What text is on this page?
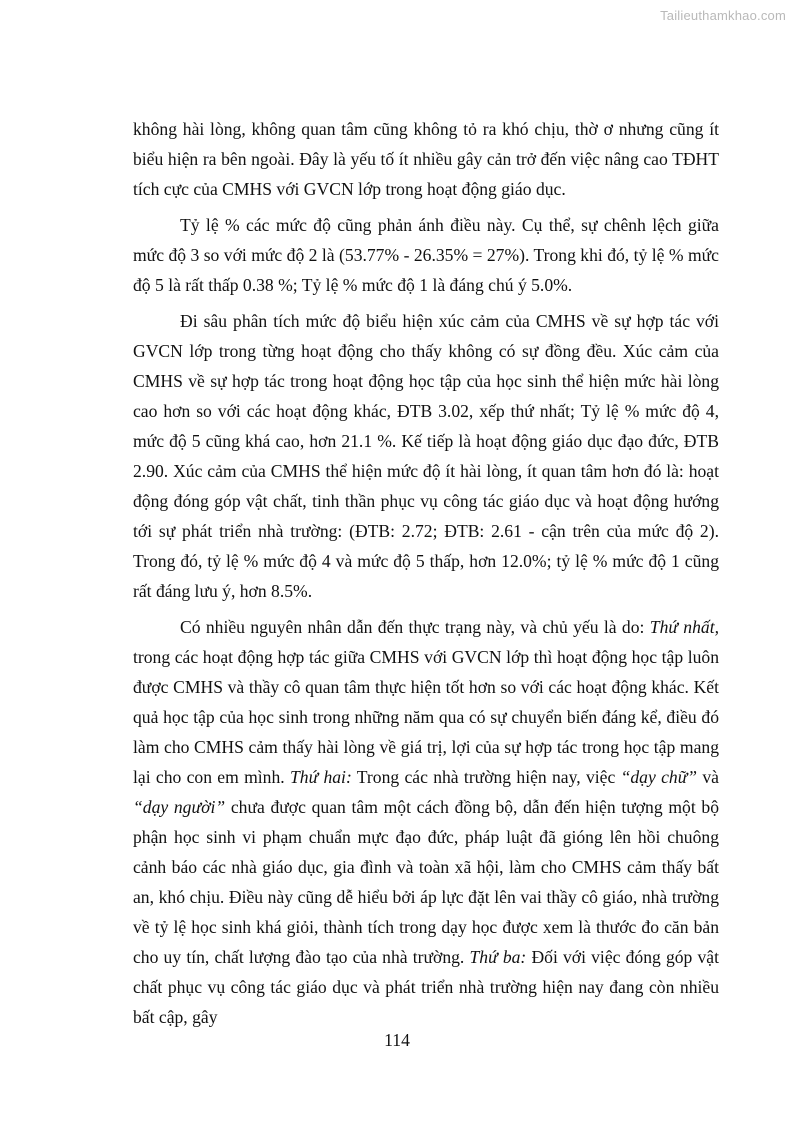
Tailieuthamkhao.com

không hài lòng, không quan tâm cũng không tỏ ra khó chịu, thờ ơ nhưng cũng ít biểu hiện ra bên ngoài. Đây là yếu tố ít nhiều gây cản trở đến việc nâng cao TĐHT tích cực của CMHS với GVCN lớp trong hoạt động giáo dục.

Tỷ lệ % các mức độ cũng phản ánh điều này. Cụ thể, sự chênh lệch giữa mức độ 3 so với mức độ 2 là (53.77% - 26.35% = 27%). Trong khi đó, tỷ lệ % mức độ 5 là rất thấp 0.38 %; Tỷ lệ % mức độ 1 là đáng chú ý 5.0%.

Đi sâu phân tích mức độ biểu hiện xúc cảm của CMHS về sự hợp tác với GVCN lớp trong từng hoạt động cho thấy không có sự đồng đều. Xúc cảm của CMHS về sự hợp tác trong hoạt động học tập của học sinh thể hiện mức hài lòng cao hơn so với các hoạt động khác, ĐTB 3.02, xếp thứ nhất; Tỷ lệ % mức độ 4, mức độ 5 cũng khá cao, hơn 21.1 %. Kế tiếp là hoạt động giáo dục đạo đức, ĐTB 2.90. Xúc cảm của CMHS thể hiện mức độ ít hài lòng, ít quan tâm hơn đó là: hoạt động đóng góp vật chất, tinh thần phục vụ công tác giáo dục và hoạt động hướng tới sự phát triển nhà trường: (ĐTB: 2.72; ĐTB: 2.61 - cận trên của mức độ 2). Trong đó, tỷ lệ % mức độ 4 và mức độ 5 thấp, hơn 12.0%; tỷ lệ % mức độ 1 cũng rất đáng lưu ý, hơn 8.5%.

Có nhiều nguyên nhân dẫn đến thực trạng này, và chủ yếu là do: Thứ nhất, trong các hoạt động hợp tác giữa CMHS với GVCN lớp thì hoạt động học tập luôn được CMHS và thầy cô quan tâm thực hiện tốt hơn so với các hoạt động khác. Kết quả học tập của học sinh trong những năm qua có sự chuyển biến đáng kể, điều đó làm cho CMHS cảm thấy hài lòng về giá trị, lợi của sự hợp tác trong học tập mang lại cho con em mình. Thứ hai: Trong các nhà trường hiện nay, việc “dạy chữ” và “dạy người” chưa được quan tâm một cách đồng bộ, dẫn đến hiện tượng một bộ phận học sinh vi phạm chuẩn mực đạo đức, pháp luật đã gióng lên hồi chuông cảnh báo các nhà giáo dục, gia đình và toàn xã hội, làm cho CMHS cảm thấy bất an, khó chịu. Điều này cũng dễ hiểu bởi áp lực đặt lên vai thầy cô giáo, nhà trường về tỷ lệ học sinh khá giỏi, thành tích trong dạy học được xem là thước đo căn bản cho uy tín, chất lượng đào tạo của nhà trường. Thứ ba: Đối với việc đóng góp vật chất phục vụ công tác giáo dục và phát triển nhà trường hiện nay đang còn nhiều bất cập, gây

114
